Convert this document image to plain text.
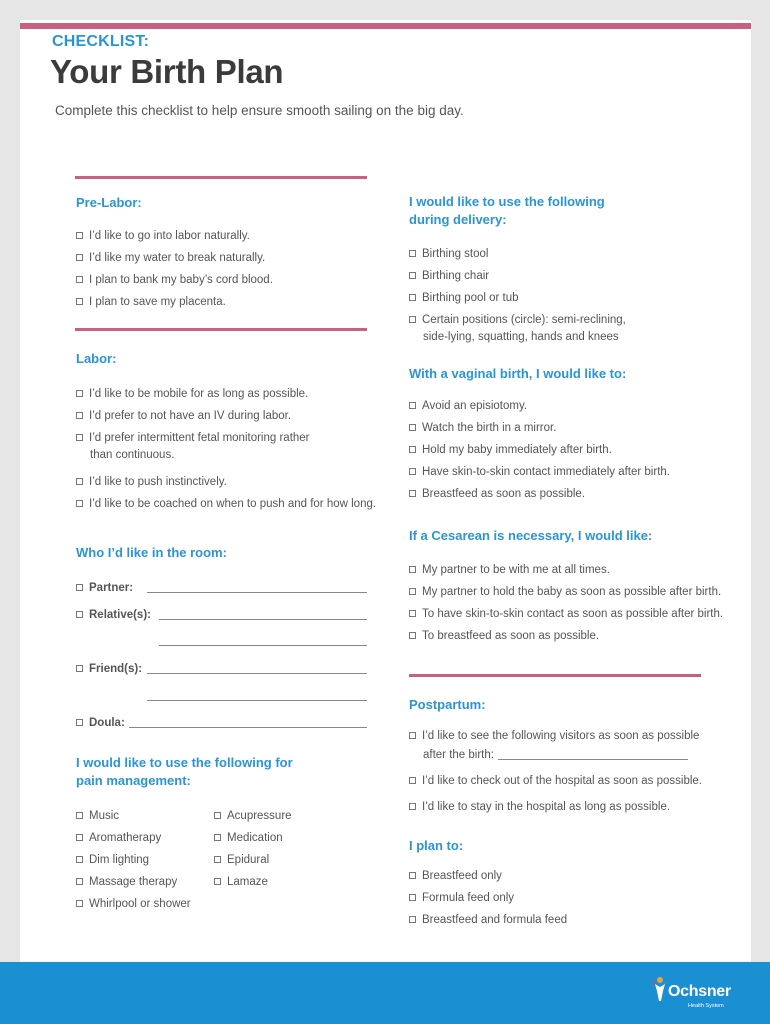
CHECKLIST:
Your Birth Plan
Complete this checklist to help ensure smooth sailing on the big day.
Pre-Labor:
I’d like to go into labor naturally.
I’d like my water to break naturally.
I plan to bank my baby’s cord blood.
I plan to save my placenta.
Labor:
I’d like to be mobile for as long as possible.
I’d prefer to not have an IV during labor.
I’d prefer intermittent fetal monitoring rather
than continuous.
I’d like to push instinctively.
I’d like to be coached on when to push and for how long.
Who I’d like in the room:
Partner:
Relative(s):
Friend(s):
Doula:
I would like to use the following for
pain management:
Music
Aromatherapy
Dim lighting
Massage therapy
Whirlpool or shower
Acupressure
Medication
Epidural
Lamaze
I would like to use the following
during delivery:
Birthing stool
Birthing chair
Birthing pool or tub
Certain positions (circle): semi-reclining,
side-lying, squatting, hands and knees
With a vaginal birth, I would like to:
Avoid an episiotomy.
Watch the birth in a mirror.
Hold my baby immediately after birth.
Have skin-to-skin contact immediately after birth.
Breastfeed as soon as possible.
If a Cesarean is necessary, I would like:
My partner to be with me at all times.
My partner to hold the baby as soon as possible after birth.
To have skin-to-skin contact as soon as possible after birth.
To breastfeed as soon as possible.
Postpartum:
I’d like to see the following visitors as soon as possible
after the birth:
I’d like to check out of the hospital as soon as possible.
I’d like to stay in the hospital as long as possible.
I plan to:
Breastfeed only
Formula feed only
Breastfeed and formula feed
Ochsner
Health System
